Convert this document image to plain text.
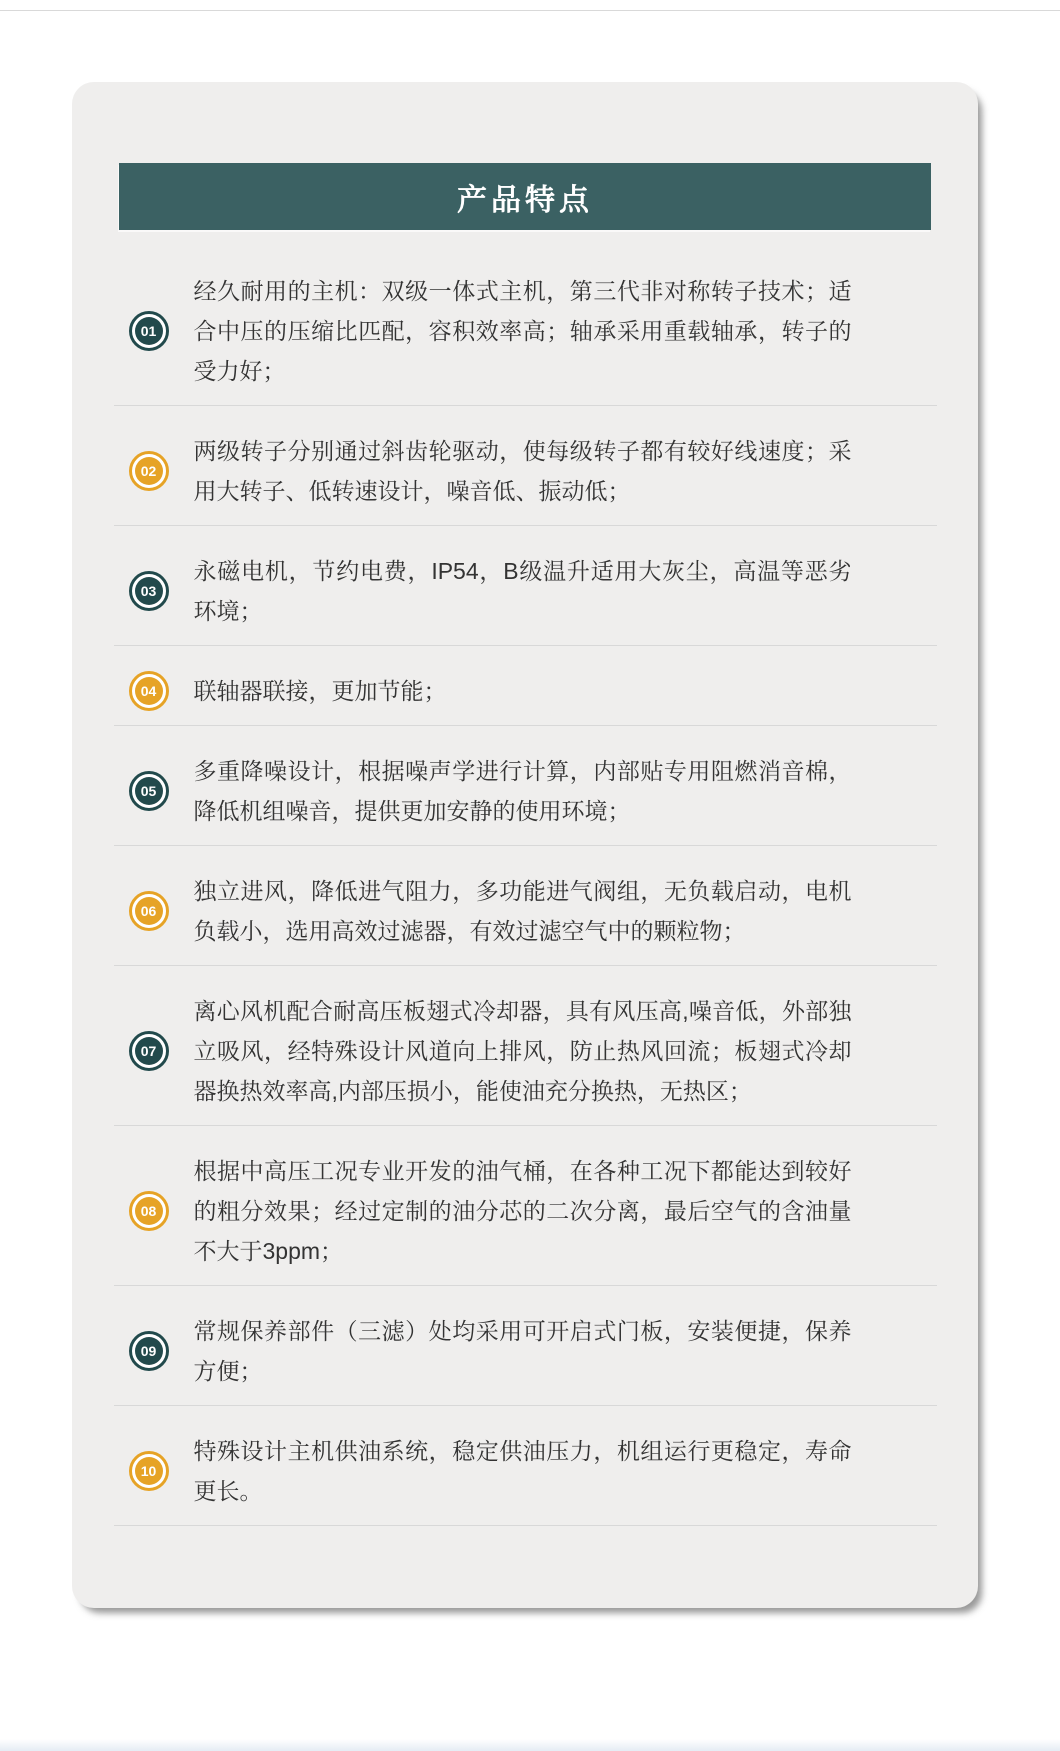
产品特点
01

经久耐用的主机：双级一体式主机，第三代非对称转子技术；适合中压的压缩比匹配，容积效率高；轴承采用重载轴承，转子的受力好；

02

两级转子分别通过斜齿轮驱动，使每级转子都有较好线速度；采用大转子、低转速设计，噪音低、振动低；

03

永磁电机，节约电费，IP54，B级温升适用大灰尘，高温等恶劣环境；

04 联轴器联接，更加节能；

05

多重降噪设计，根据噪声学进行计算，内部贴专用阻燃消音棉，降低机组噪音，提供更加安静的使用环境；

06

独立进风，降低进气阻力，多功能进气阀组，无负载启动，电机负载小，选用高效过滤器，有效过滤空气中的颗粒物；

07

离心风机配合耐高压板翅式冷却器，具有风压高,噪音低，外部独立吸风，经特殊设计风道向上排风，防止热风回流；板翅式冷却器换热效率高,内部压损小，能使油充分换热，无热区；

08

根据中高压工况专业开发的油气桶，在各种工况下都能达到较好的粗分效果；经过定制的油分芯的二次分离，最后空气的含油量不大于3ppm；

09

常规保养部件（三滤）处均采用可开启式门板，安装便捷，保养方便；

10

特殊设计主机供油系统，稳定供油压力，机组运行更稳定，寿命更长。
